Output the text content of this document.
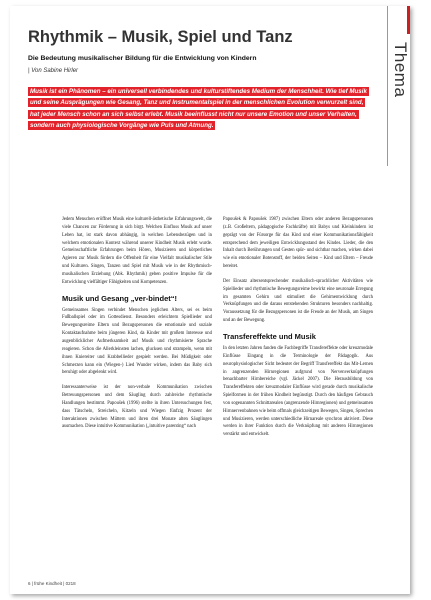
Thema
Rhythmik – Musik, Spiel und Tanz
Die Bedeutung musikalischer Bildung für die Entwicklung von Kindern
| Von Sabine Hirler
Musik ist ein Phänomen – ein universell verbindendes und kulturstiftendes Medium der Menschheit. Wie tief Musik und seine Ausprägungen wie Gesang, Tanz und Instrumentalspiel in der menschlichen Evolution verwurzelt sind, hat jeder Mensch schon an sich selbst erlebt. Musik beeinflusst nicht nur unsere Emotion und unser Verhalten, sondern auch physiologische Vorgänge wie Puls und Atmung.

Jedem Menschen eröffnet Musik eine kulturell-ästhetische Erfahrungswelt, die viele Chancen zur Förderung in sich birgt. Welchen Einfluss Musik auf unser Leben hat, ist stark davon abhängig, in welchen Lebensbezügen und in welchem emotionalen Kontext während unserer Kindheit Musik erlebt wurde. Gemeinschaftliche Erfahrungen beim Hören, Musizieren und körperliches Agieren zur Musik fördern die Offenheit für eine Vielfalt musikalischer Stile und Kulturen. Singen, Tanzen und Spiel mit Musik wie in der Rhythmisch-musikalischen Erziehung (Abk. Rhythmik) geben positive Impulse für die Entwicklung vielfältiger Fähigkeiten und Kompetenzen.

Musik und Gesang „ver-bindet“!

Gemeinsames Singen verbindet Menschen jeglichen Alters, sei es beim Fußballspiel oder im Gottesdienst. Besonders erleichtern Spiellieder und Bewegungsreime Eltern und Bezugspersonen die emotionale und soziale Kontaktaufnahme beim jüngeren Kind, da Kinder mit großem Interesse und augenblicklicher Aufmerksamkeit auf Musik und rhythmisierte Sprache reagieren. Schon die Allerkleinsten lachen, glucksen und strampeln, wenn mit ihnen Kniereiter und Krabbellieder gespielt werden. Bei Müdigkeit oder Schmerzen kann ein (Wiegen-) Lied Wunder wirken, indem das Baby sich beruhigt oder abgelenkt wird.

Interessanterweise ist der non-verbale Kommunikation zwischen Betreuungspersonen und dem Säugling durch zahlreiche rhythmische Handlungen bestimmt. Papoušek (1996) stellte in ihren Untersuchungen fest, dass Tätscheln, Streicheln, Kitzeln und Wiegen fünfzig Prozent der Interaktionen zwischen Müttern und ihren drei Monate alten Säuglingen ausmachen. Diese intuitive Kommunikation („intuitive parenting“ nach

Papoušek & Papoušek 1987) zwischen Eltern oder anderen Bezugspersonen (z.B. Großeltern, pädagogische Fachkräfte) mit Babys und Kleinkindern ist geprägt von der Fürsorge für das Kind und einer Kommunikationsfähigkeit entsprechend dem jeweiligen Entwicklungsstand des Kindes. Lieder, die den Inhalt durch Berührungen und Gesten spür- und sichtbar machen, wirken dabei wie ein emotionaler Botenstoff, der beiden Seiten – Kind und Eltern – Freude bereitet.

Der Einsatz altersentsprechender musikalisch-sprachlicher Aktivitäten wie Spiellieder und rhythmische Bewegungsreime bewirkt eine neuronale Erregung im gesamten Gehirn und stimuliert die Gehirnentwicklung durch Verknüpfungen und die daraus entstehenden Strukturen besonders nachhaltig. Voraussetzung für die Bezugspersonen ist die Freude an der Musik, am Singen und an der Bewegung.

Transfereffekte und Musik

In den letzten Jahren fanden die Fachbegriffe Transfereffekte oder kreuzmodale Einflüsse Eingang in die Terminologie der Pädagogik. Aus neurophysiologischer Sicht bedeutet der Begriff Transfereffekt das Mit-Lernen in angrenzenden Hirnregionen aufgrund von Nervenverknüpfungen benachbarter Hirnbereiche (vgl. Jäckel 2007). Die Herausbildung von Transfereffekten oder kreuzmodaler Einflüsse wird gerade durch musikalische Spielformen in der frühen Kindheit begünstigt. Durch den häufigen Gebrauch von sogenannten Schnittarealen (angrenzende Hirnregionen) und gemeinsamen Hirnnervenbahnen wie beim offmals gleichzeitigen Bewegen, Singen, Sprechen und Musizieren, werden unterschiedliche Hirnareale synchron aktiviert. Diese werden in ihrer Funktion durch die Verknüpfung mit anderen Hirnregionen verstärkt und entwickelt.

6 | frühe Kindheit | 0218
